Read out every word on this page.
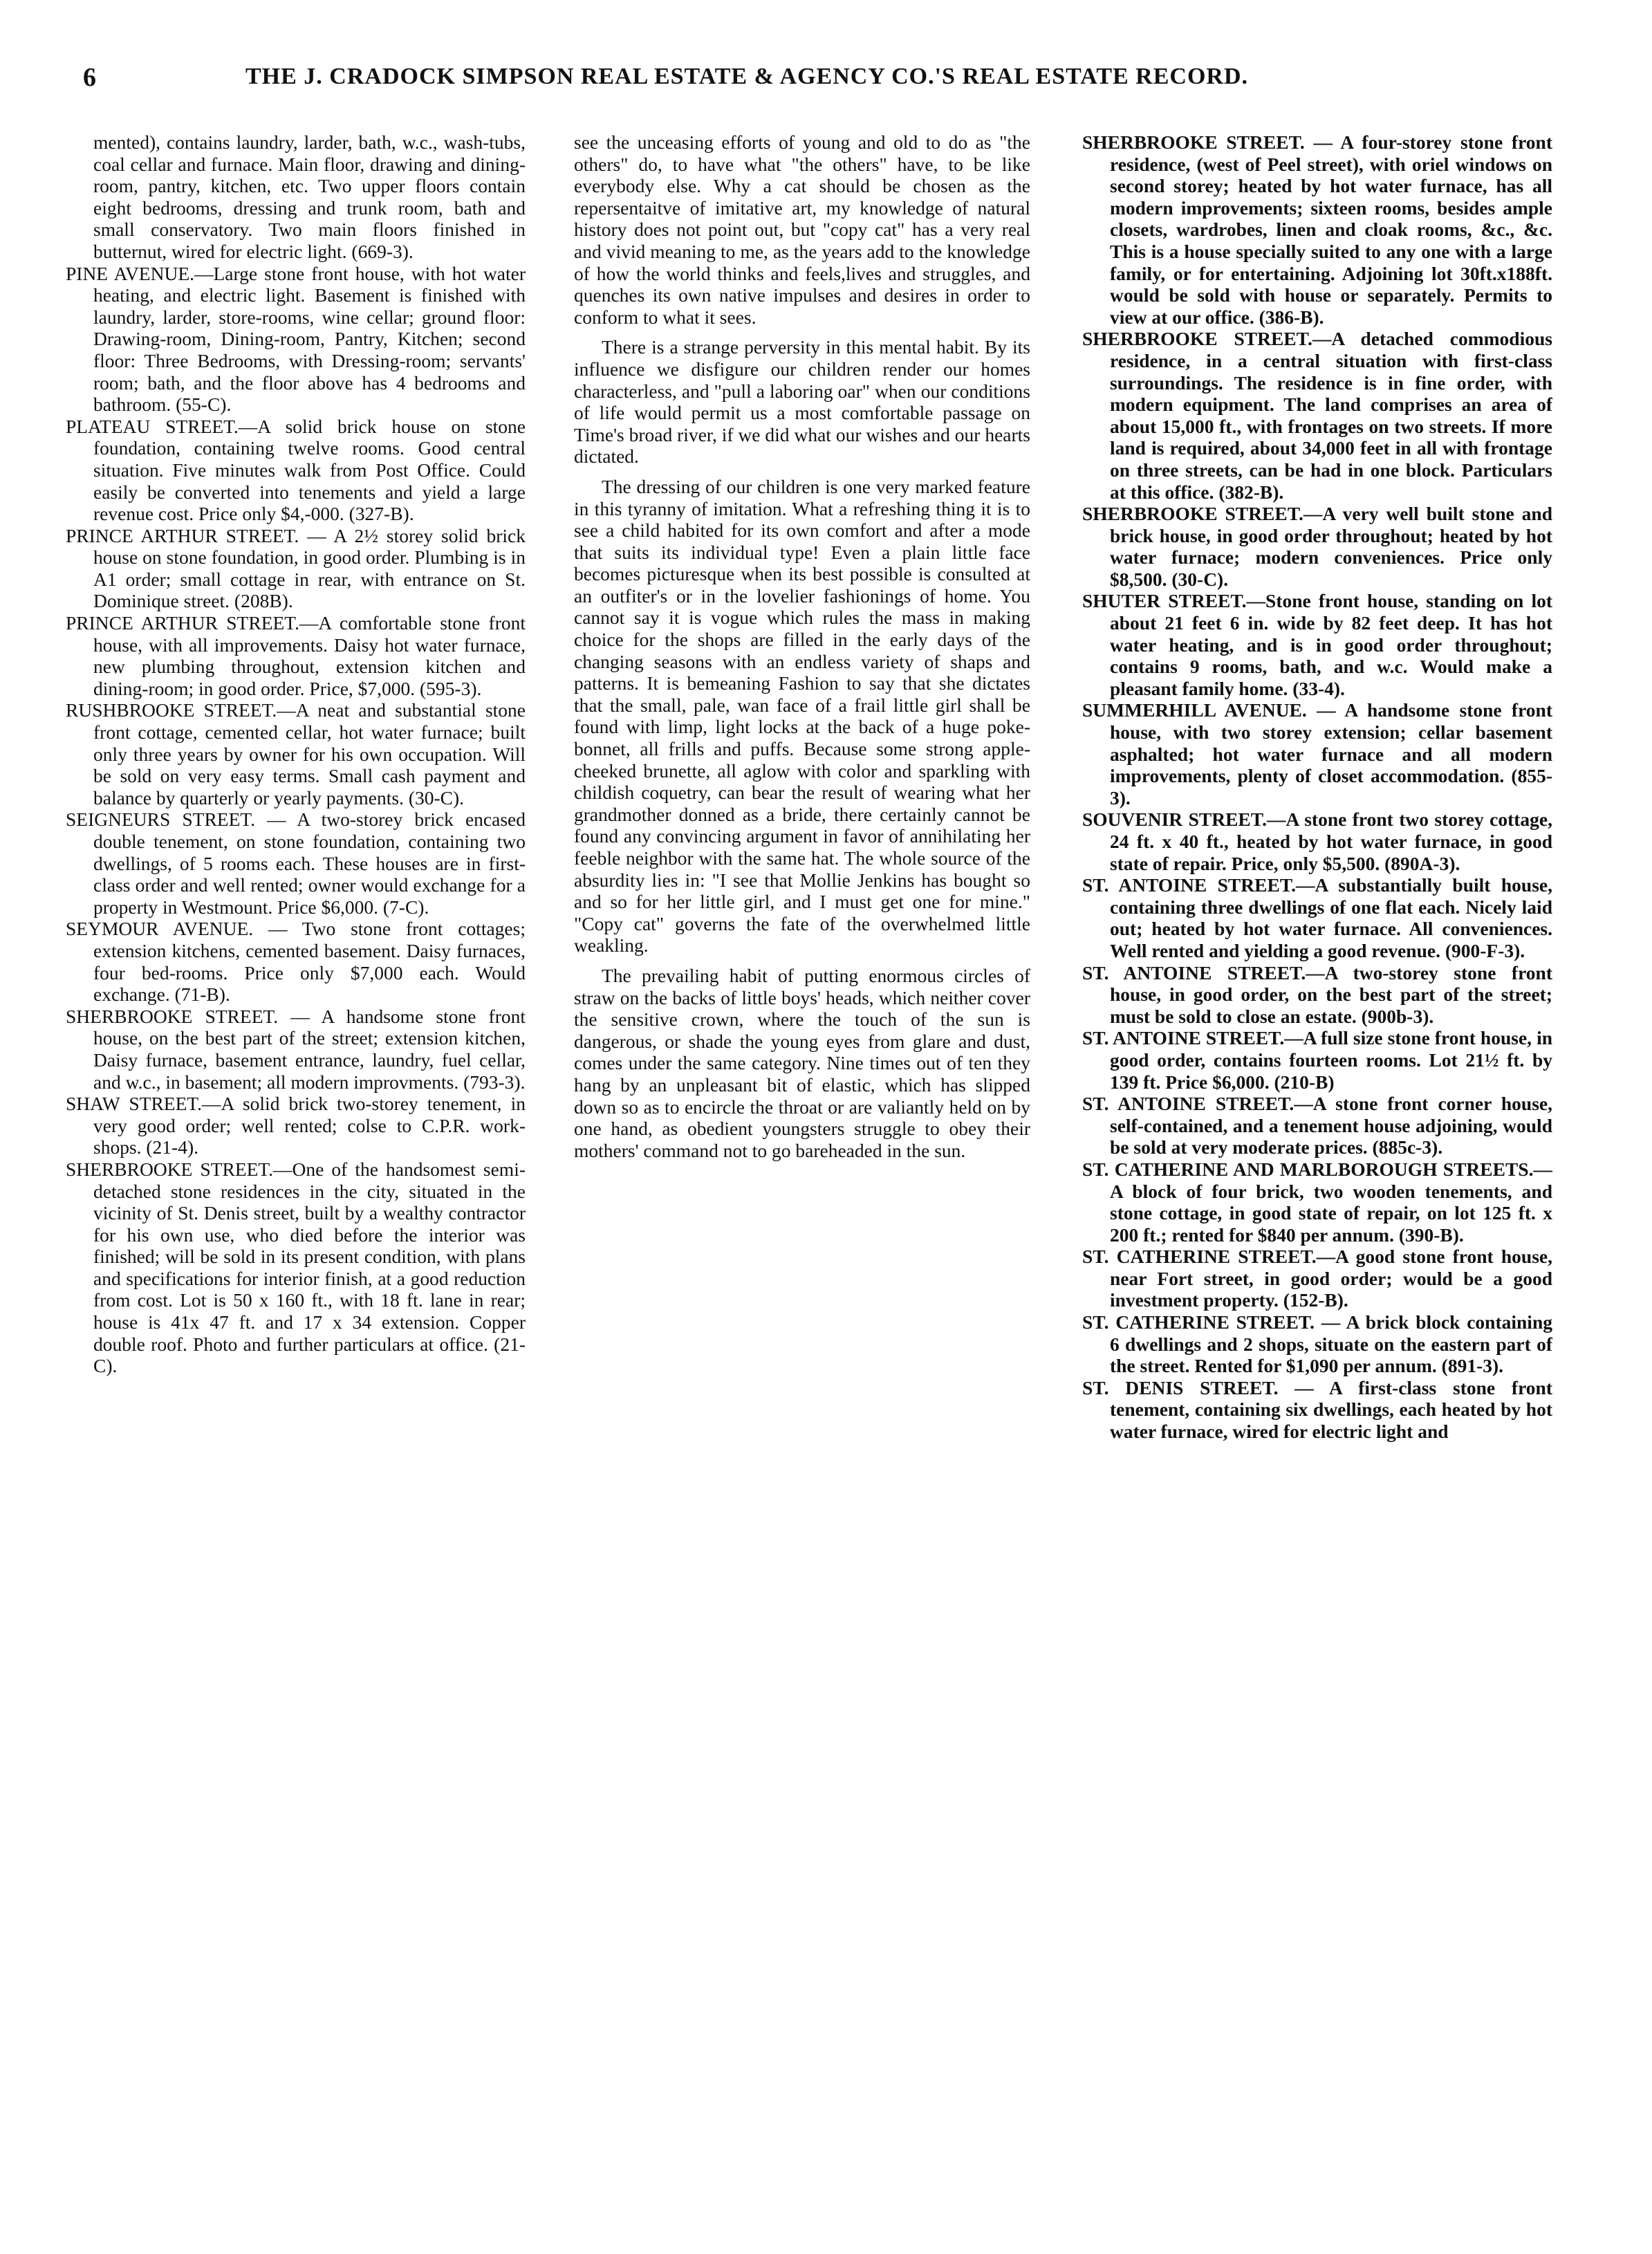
6	THE J. CRADOCK SIMPSON REAL ESTATE & AGENCY CO.'S REAL ESTATE RECORD.

mented), contains laundry, larder, bath, w.c., wash-tubs, coal cellar and furnace. Main floor, drawing and dining-room, pantry, kitchen, etc. Two upper floors contain eight bedrooms, dressing and trunk room, bath and small conservatory. Two main floors finished in butternut, wired for electric light. (669-3).

PINE AVENUE.—Large stone front house, with hot water heating, and electric light. Basement is finished with laundry, larder, store-rooms, wine cellar; ground floor: Drawing-room, Dining-room, Pantry, Kitchen; second floor: Three Bedrooms, with Dressing-room; servants' room; bath, and the floor above has 4 bedrooms and bathroom. (55-C).

PLATEAU STREET.—A solid brick house on stone foundation, containing twelve rooms. Good central situation. Five minutes walk from Post Office. Could easily be converted into tenements and yield a large revenue cost. Price only $4,-000. (327-B).

PRINCE ARTHUR STREET. — A 2½ storey solid brick house on stone foundation, in good order. Plumbing is in A1 order; small cottage in rear, with entrance on St. Dominique street. (208B).

PRINCE ARTHUR STREET.—A comfortable stone front house, with all improvements. Daisy hot water furnace, new plumbing throughout, extension kitchen and dining-room; in good order. Price, $7,000. (595-3).

RUSHBROOKE STREET.—A neat and substantial stone front cottage, cemented cellar, hot water furnace; built only three years by owner for his own occupation. Will be sold on very easy terms. Small cash payment and balance by quarterly or yearly payments. (30-C).

SEIGNEURS STREET. — A two-storey brick encased double tenement, on stone foundation, containing two dwellings, of 5 rooms each. These houses are in first-class order and well rented; owner would exchange for a property in Westmount. Price $6,000. (7-C).

SEYMOUR AVENUE. — Two stone front cottages; extension kitchens, cemented basement. Daisy furnaces, four bed-rooms. Price only $7,000 each. Would exchange. (71-B).

SHERBROOKE STREET. — A handsome stone front house, on the best part of the street; extension kitchen, Daisy furnace, basement entrance, laundry, fuel cellar, and w.c., in basement; all modern improvments. (793-3).

SHAW STREET.—A solid brick two-storey tenement, in very good order; well rented; colse to C.P.R. work-shops. (21-4).

SHERBROOKE STREET.—One of the handsomest semi-detached stone residences in the city, situated in the vicinity of St. Denis street, built by a wealthy contractor for his own use, who died before the interior was finished; will be sold in its present condition, with plans and specifications for interior finish, at a good reduction from cost. Lot is 50 x 160 ft., with 18 ft. lane in rear; house is 41x 47 ft. and 17 x 34 extension. Copper double roof. Photo and further particulars at office. (21-C).

see the unceasing efforts of young and old to do as "the others" do, to have what "the others" have, to be like everybody else. Why a cat should be chosen as the repersentaitve of imitative art, my knowledge of natural history does not point out, but "copy cat" has a very real and vivid meaning to me, as the years add to the knowledge of how the world thinks and feels,lives and struggles, and quenches its own native impulses and desires in order to conform to what it sees.

There is a strange perversity in this mental habit. By its influence we disfigure our children render our homes characterless, and "pull a laboring oar" when our conditions of life would permit us a most comfortable passage on Time's broad river, if we did what our wishes and our hearts dictated.

The dressing of our children is one very marked feature in this tyranny of imitation. What a refreshing thing it is to see a child habited for its own comfort and after a mode that suits its individual type! Even a plain little face becomes picturesque when its best possible is consulted at an outfiter's or in the lovelier fashionings of home. You cannot say it is vogue which rules the mass in making choice for the shops are filled in the early days of the changing seasons with an endless variety of shaps and patterns. It is bemeaning Fashion to say that she dictates that the small, pale, wan face of a frail little girl shall be found with limp, light locks at the back of a huge poke-bonnet, all frills and puffs. Because some strong apple-cheeked brunette, all aglow with color and sparkling with childish coquetry, can bear the result of wearing what her grandmother donned as a bride, there certainly cannot be found any convincing argument in favor of annihilating her feeble neighbor with the same hat. The whole source of the absurdity lies in: "I see that Mollie Jenkins has bought so and so for her little girl, and I must get one for mine." "Copy cat" governs the fate of the overwhelmed little weakling.

The prevailing habit of putting enormous circles of straw on the backs of little boys' heads, which neither cover the sensitive crown, where the touch of the sun is dangerous, or shade the young eyes from glare and dust, comes under the same category. Nine times out of ten they hang by an unpleasant bit of elastic, which has slipped down so as to encircle the throat or are valiantly held on by one hand, as obedient youngsters struggle to obey their mothers' command not to go bareheaded in the sun.

SHERBROOKE STREET. — A four-storey stone front residence, (west of Peel street), with oriel windows on second storey; heated by hot water furnace, has all modern improvements; sixteen rooms, besides ample closets, wardrobes, linen and cloak rooms, &c., &c. This is a house specially suited to any one with a large family, or for entertaining. Adjoining lot 30ft.x188ft. would be sold with house or separately. Permits to view at our office. (386-B).

SHERBROOKE STREET.—A detached commodious residence, in a central situation with first-class surroundings. The residence is in fine order, with modern equipment. The land comprises an area of about 15,000 ft., with frontages on two streets. If more land is required, about 34,000 feet in all with frontage on three streets, can be had in one block. Particulars at this office. (382-B).

SHERBROOKE STREET.—A very well built stone and brick house, in good order throughout; heated by hot water furnace; modern conveniences. Price only $8,500. (30-C).

SHUTER STREET.—Stone front house, standing on lot about 21 feet 6 in. wide by 82 feet deep. It has hot water heating, and is in good order throughout; contains 9 rooms, bath, and w.c. Would make a pleasant family home. (33-4).

SUMMERHILL AVENUE. — A handsome stone front house, with two storey extension; cellar basement asphalted; hot water furnace and all modern improvements, plenty of closet accommodation. (855-3).

SOUVENIR STREET.—A stone front two storey cottage, 24 ft. x 40 ft., heated by hot water furnace, in good state of repair. Price, only $5,500. (890A-3).

ST. ANTOINE STREET.—A substantially built house, containing three dwellings of one flat each. Nicely laid out; heated by hot water furnace. All conveniences. Well rented and yielding a good revenue. (900-F-3).

ST. ANTOINE STREET.—A two-storey stone front house, in good order, on the best part of the street; must be sold to close an estate. (900b-3).

ST. ANTOINE STREET.—A full size stone front house, in good order, contains fourteen rooms. Lot 21½ ft. by 139 ft. Price $6,000. (210-B)

ST. ANTOINE STREET.—A stone front corner house, self-contained, and a tenement house adjoining, would be sold at very moderate prices. (885c-3).

ST. CATHERINE AND MARLBOROUGH STREETS.—A block of four brick, two wooden tenements, and stone cottage, in good state of repair, on lot 125 ft. x 200 ft.; rented for $840 per annum. (390-B).

ST. CATHERINE STREET.—A good stone front house, near Fort street, in good order; would be a good investment property. (152-B).

ST. CATHERINE STREET. — A brick block containing 6 dwellings and 2 shops, situate on the eastern part of the street. Rented for $1,090 per annum. (891-3).

ST. DENIS STREET. — A first-class stone front tenement, containing six dwellings, each heated by hot water furnace, wired for electric light and
